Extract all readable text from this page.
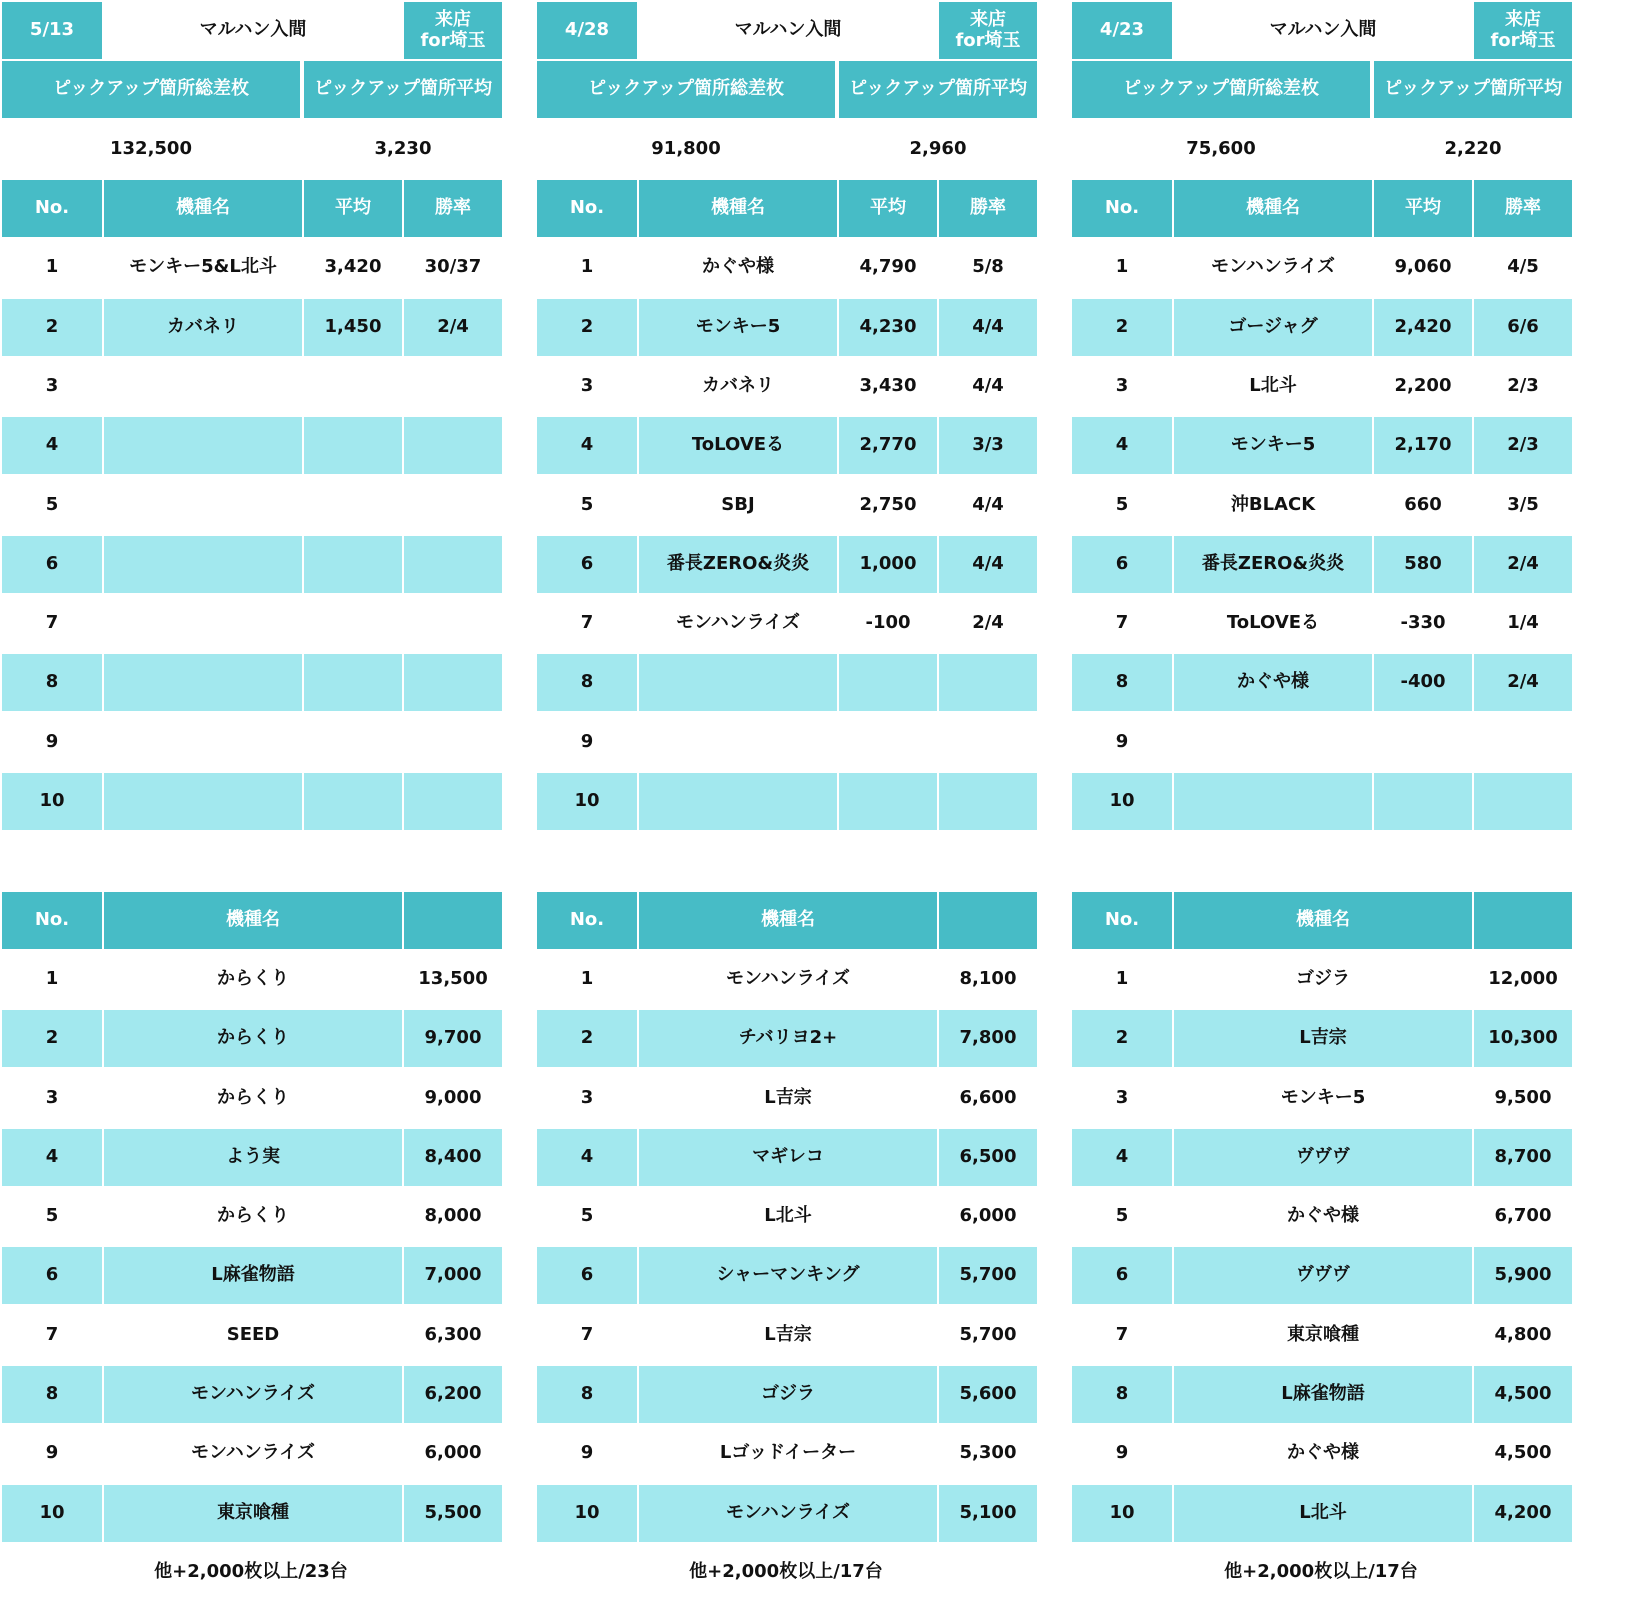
5/13	マルハン入間	来店
for埼玉
ピックアップ箇所総差枚	ピックアップ箇所平均
132,500	3,230
No.	機種名	平均	勝率
1	モンキー5&L北斗	3,420	30/37
2	カバネリ	1,450	2/4
3
4
5
6
7
8
9
10
No.	機種名
1	からくり	13,500
2	からくり	9,700
3	からくり	9,000
4	よう実	8,400
5	からくり	8,000
6	L麻雀物語	7,000
7	SEED	6,300
8	モンハンライズ	6,200
9	モンハンライズ	6,000
10	東京喰種	5,500
他+2,000枚以上/23台
4/28	マルハン入間	来店
for埼玉
ピックアップ箇所総差枚	ピックアップ箇所平均
91,800	2,960
No.	機種名	平均	勝率
1	かぐや様	4,790	5/8
2	モンキー5	4,230	4/4
3	カバネリ	3,430	4/4
4	ToLOVEる	2,770	3/3
5	SBJ	2,750	4/4
6	番長ZERO&炎炎	1,000	4/4
7	モンハンライズ	-100	2/4
8
9
10
No.	機種名
1	モンハンライズ	8,100
2	チバリヨ2+	7,800
3	L吉宗	6,600
4	マギレコ	6,500
5	L北斗	6,000
6	シャーマンキング	5,700
7	L吉宗	5,700
8	ゴジラ	5,600
9	Lゴッドイーター	5,300
10	モンハンライズ	5,100
他+2,000枚以上/17台
4/23	マルハン入間	来店
for埼玉
ピックアップ箇所総差枚	ピックアップ箇所平均
75,600	2,220
No.	機種名	平均	勝率
1	モンハンライズ	9,060	4/5
2	ゴージャグ	2,420	6/6
3	L北斗	2,200	2/3
4	モンキー5	2,170	2/3
5	沖BLACK	660	3/5
6	番長ZERO&炎炎	580	2/4
7	ToLOVEる	-330	1/4
8	かぐや様	-400	2/4
9
10
No.	機種名
1	ゴジラ	12,000
2	L吉宗	10,300
3	モンキー5	9,500
4	ヴヴヴ	8,700
5	かぐや様	6,700
6	ヴヴヴ	5,900
7	東京喰種	4,800
8	L麻雀物語	4,500
9	かぐや様	4,500
10	L北斗	4,200
他+2,000枚以上/17台
